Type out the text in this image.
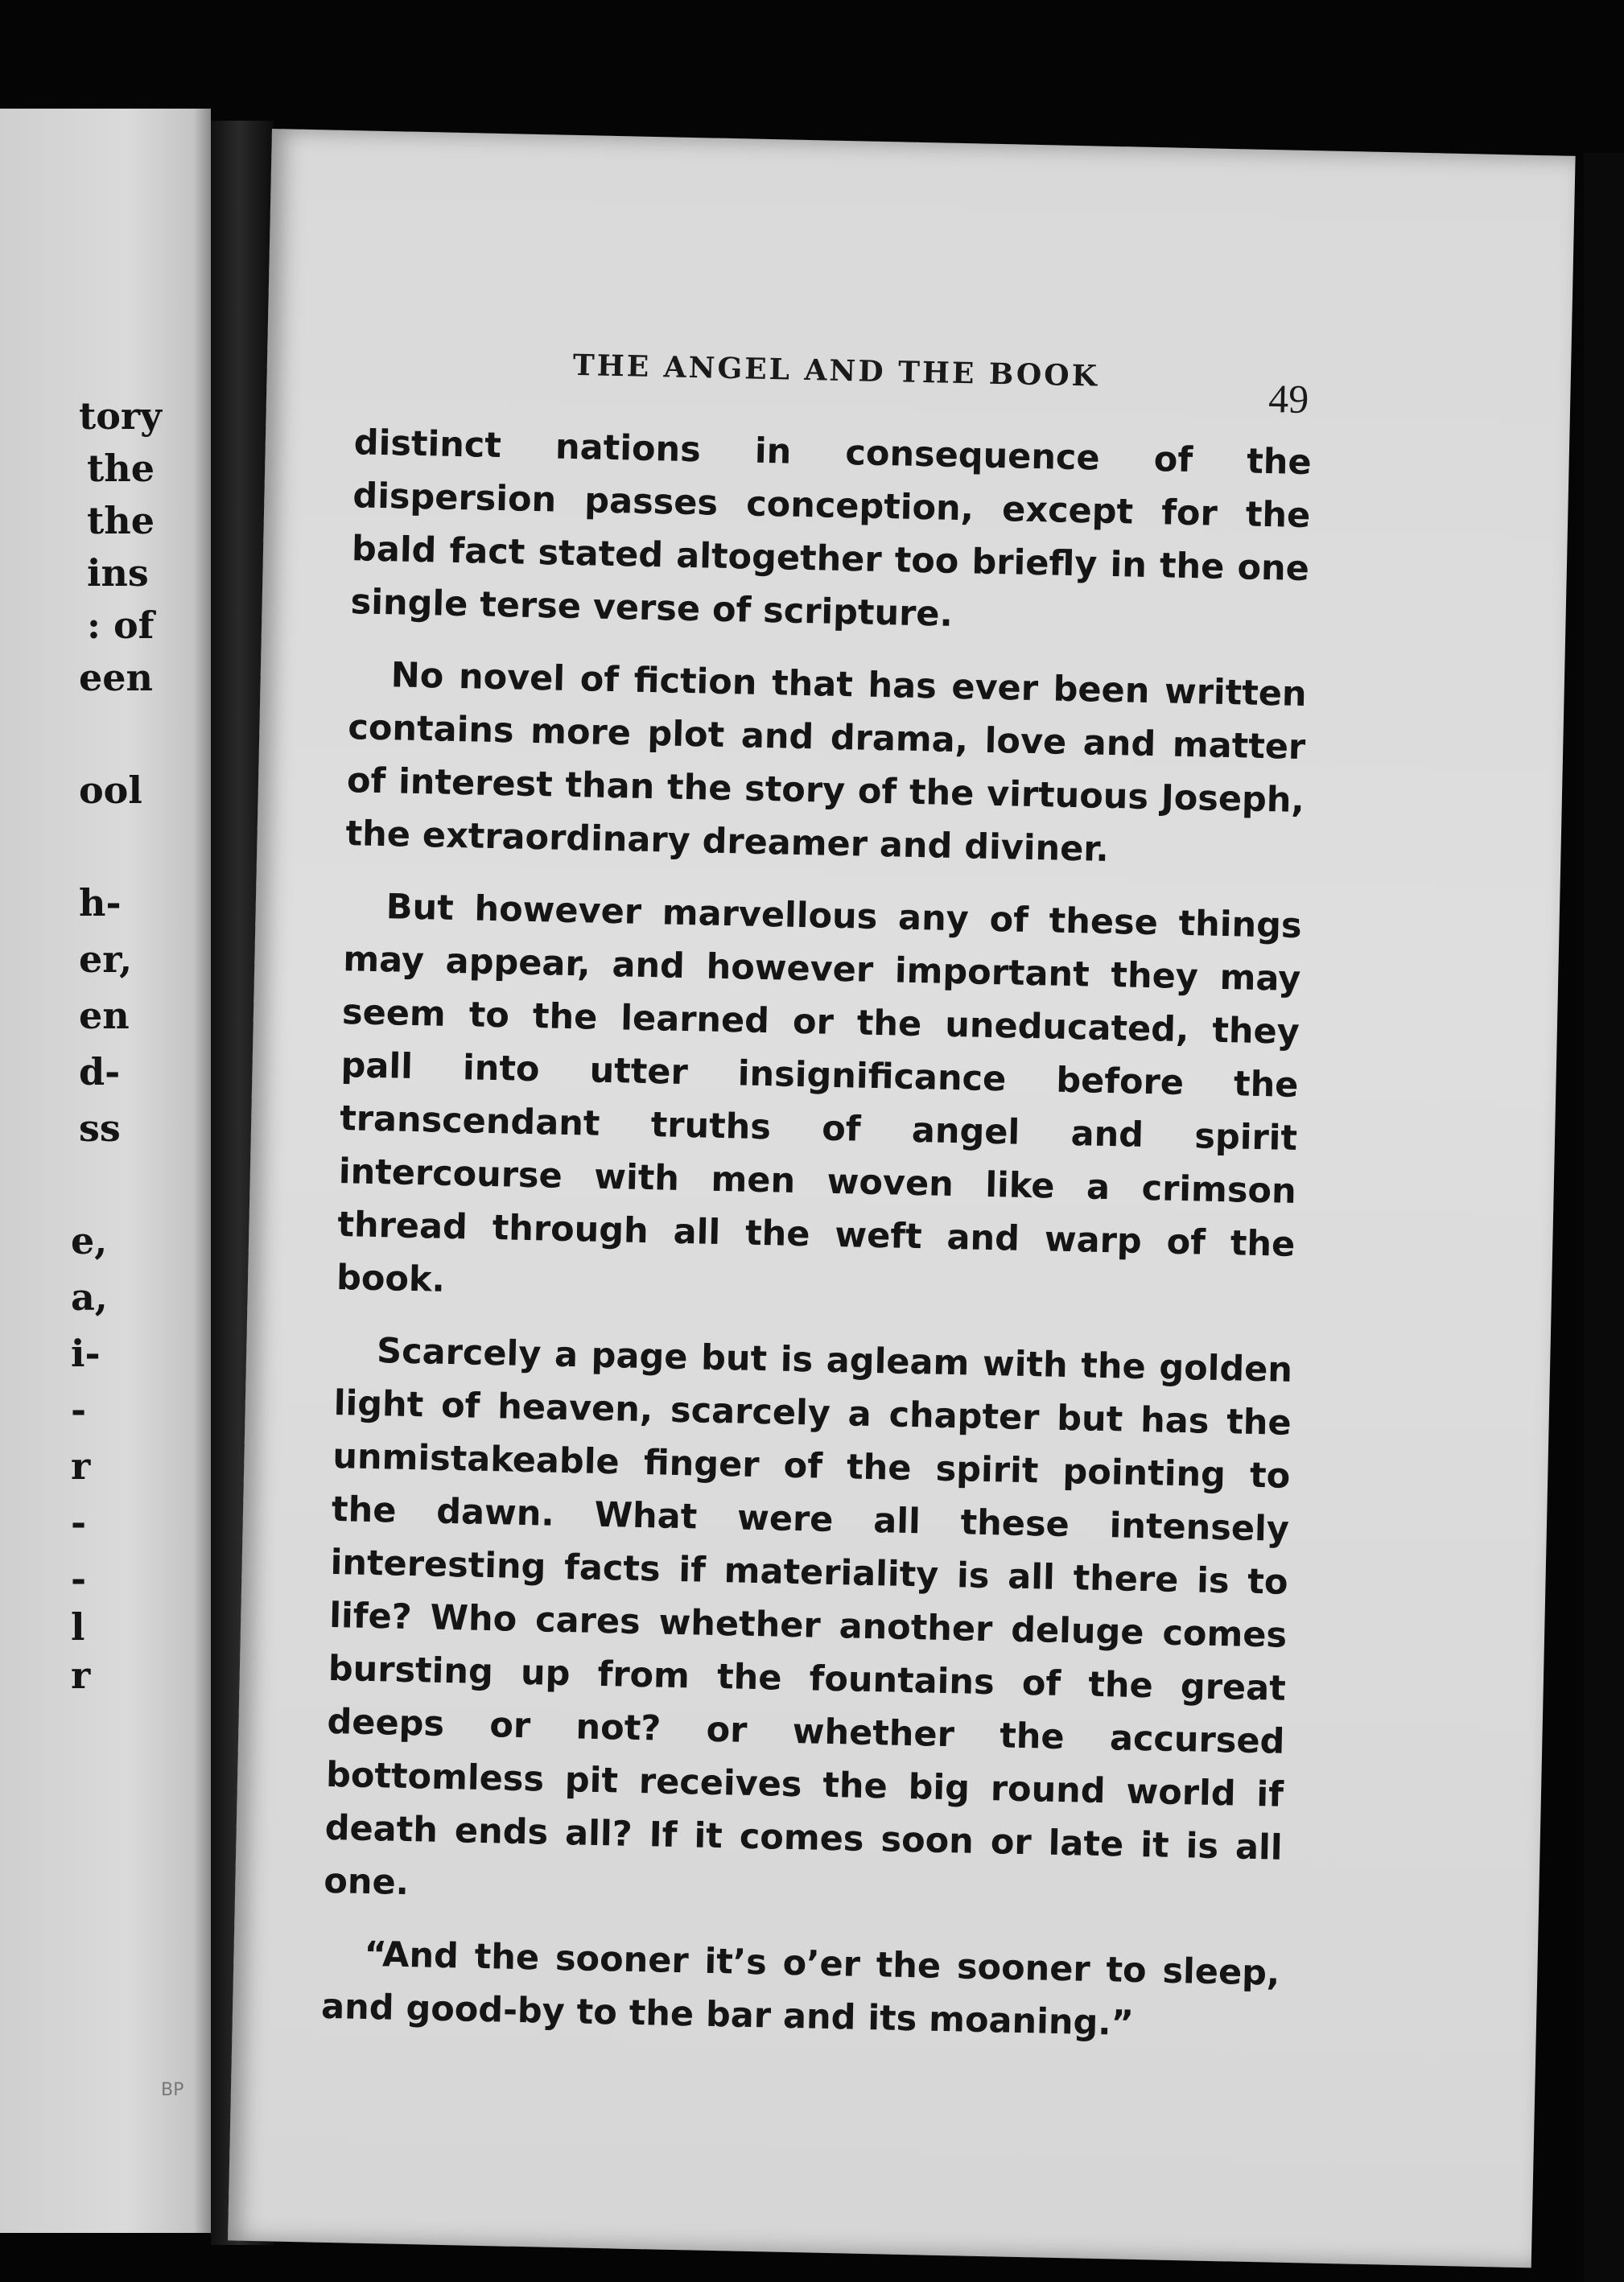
tory
the
the
ins
: of
een
ool
h-
er,
en
d-
ss
e,
a,
i-
-
r
-
-
l
r
BP
THE ANGEL AND THE BOOK
49

distinct nations in consequence of the dispersion passes conception, except for the bald fact stated altogether too briefly in the one single terse verse of scripture.

No novel of fiction that has ever been written contains more plot and drama, love and matter of interest than the story of the virtuous Joseph, the extraordinary dreamer and diviner.

But however marvellous any of these things may appear, and however important they may seem to the learned or the uneducated, they pall into utter insignificance before the transcendant truths of angel and spirit intercourse with men woven like a crimson thread through all the weft and warp of the book.

Scarcely a page but is agleam with the golden light of heaven, scarcely a chapter but has the unmistakeable finger of the spirit pointing to the dawn. What were all these intensely interesting facts if materiality is all there is to life? Who cares whether another deluge comes bursting up from the fountains of the great deeps or not? or whether the accursed bottomless pit receives the big round world if death ends all? If it comes soon or late it is all one.

“And the sooner it’s o’er the sooner to sleep, and good-by to the bar and its moaning.”
